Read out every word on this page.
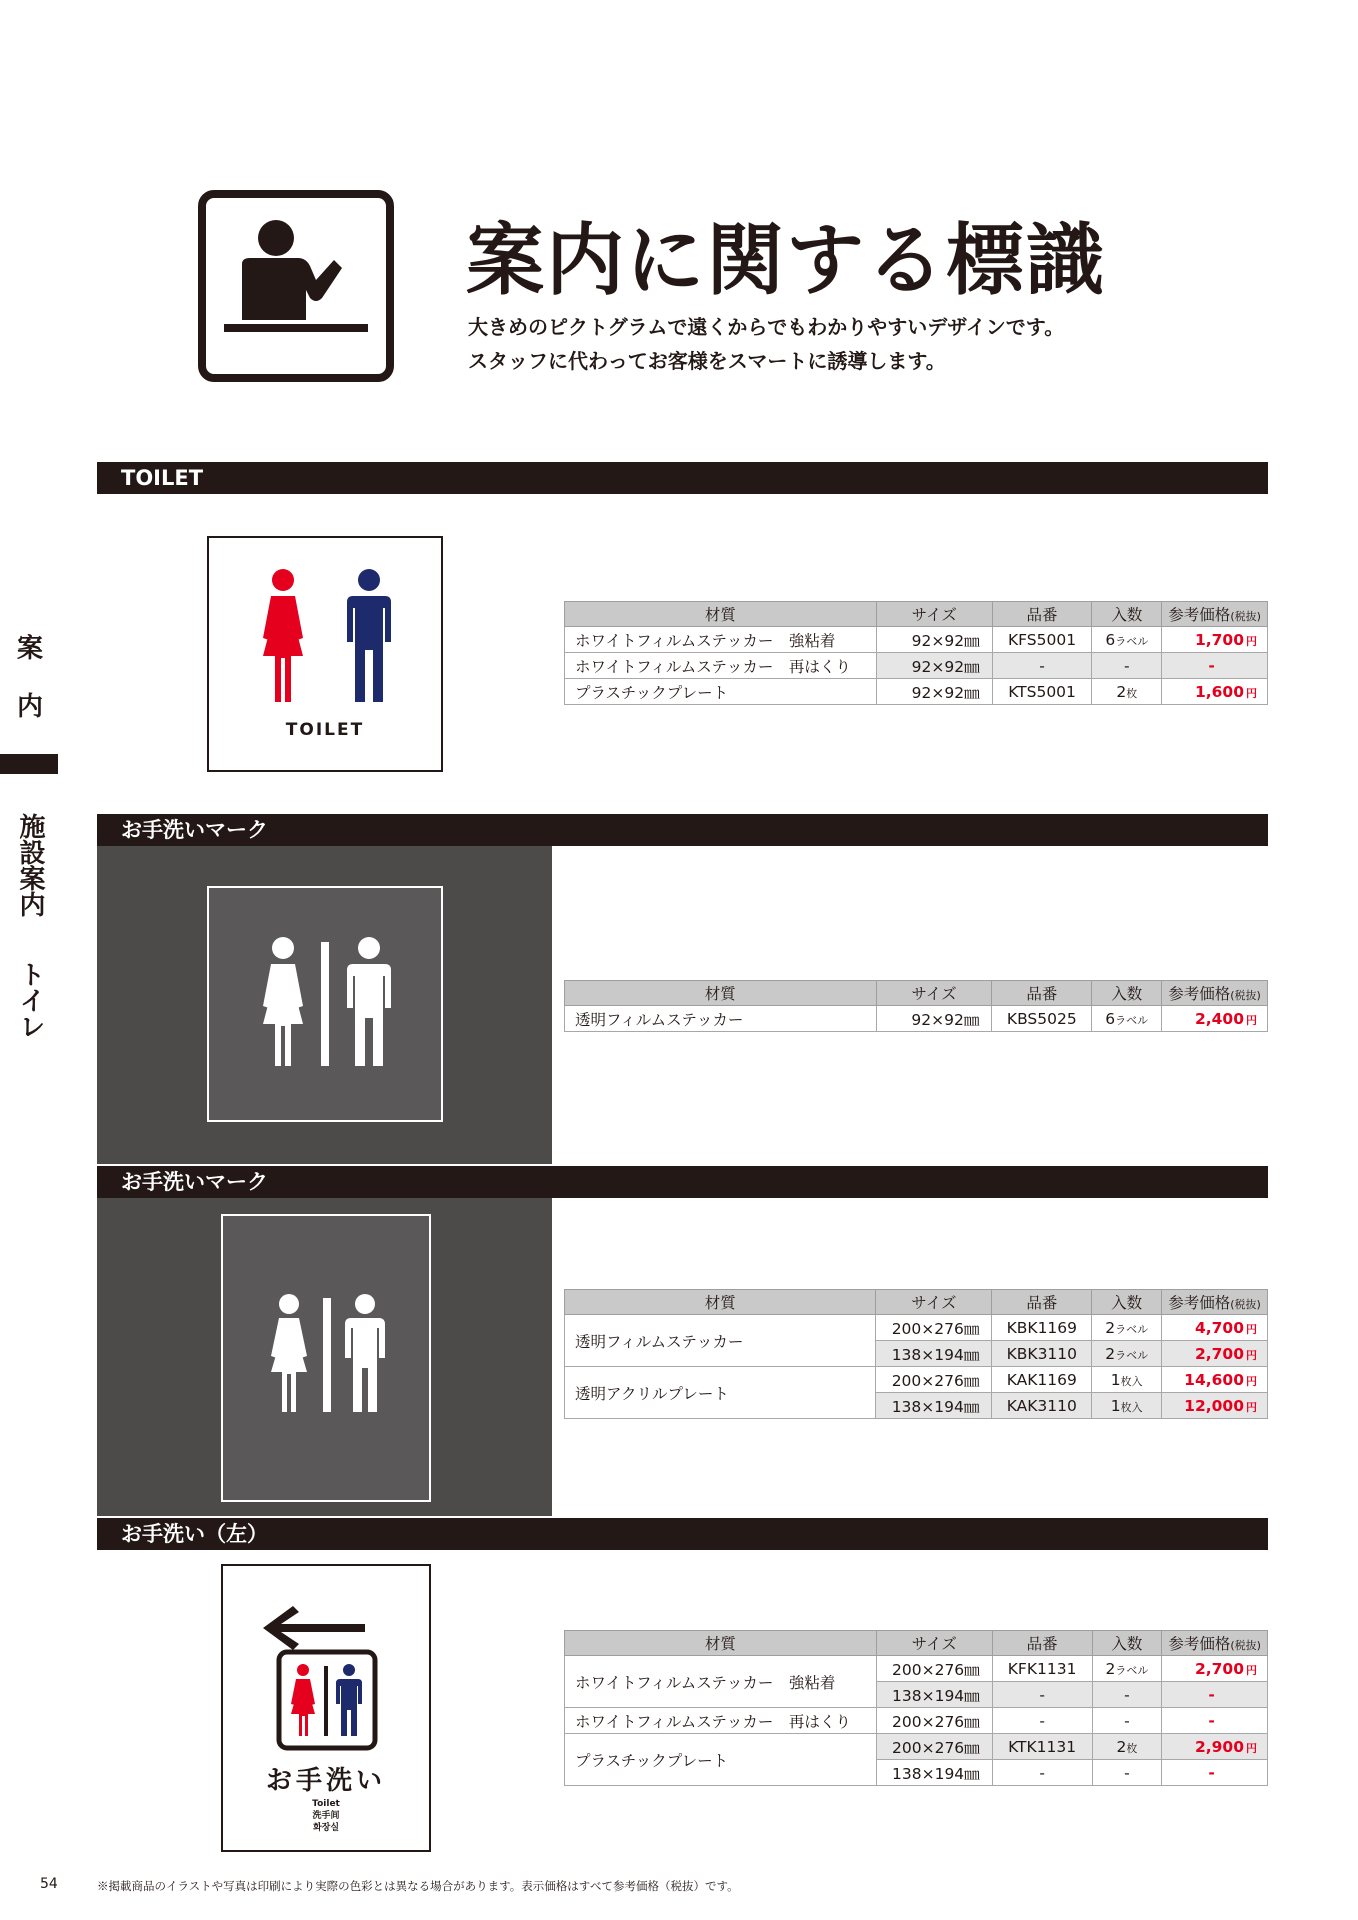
案内に関する標識
大きめのピクトグラムで遠くからでもわかりやすいデザインです。
スタッフに代わってお客様をスマートに誘導します。
案
内
施設案内
トイレ
TOILET
TOILET
材質	サイズ	品番	入数	参考価格(税抜)
ホワイトフィルムステッカー　強粘着	92×92㎜	KFS5001	6ラベル	1,700 円
ホワイトフィルムステッカー　再はくり	92×92㎜	-	-	-
プラスチックプレート	92×92㎜	KTS5001	2枚	1,600 円
お手洗いマーク
材質	サイズ	品番	入数	参考価格(税抜)
透明フィルムステッカー	92×92㎜	KBS5025	6ラベル	2,400 円
お手洗いマーク
材質	サイズ	品番	入数	参考価格(税抜)
透明フィルムステッカー	200×276㎜	KBK1169	2ラベル	4,700 円
	138×194㎜	KBK3110	2ラベル	2,700 円
透明アクリルプレート	200×276㎜	KAK1169	1枚入	14,600 円
	138×194㎜	KAK3110	1枚入	12,000 円
お手洗い（左）
お手洗い
Toilet
洗手间
화장실
材質	サイズ	品番	入数	参考価格(税抜)
ホワイトフィルムステッカー　強粘着	200×276㎜	KFK1131	2ラベル	2,700 円
	138×194㎜	-	-	-
ホワイトフィルムステッカー　再はくり	200×276㎜	-	-	-
プラスチックプレート	200×276㎜	KTK1131	2枚	2,900 円
	138×194㎜	-	-	-
54	※掲載商品のイラストや写真は印刷により実際の色彩とは異なる場合があります。表示価格はすべて参考価格（税抜）です。
